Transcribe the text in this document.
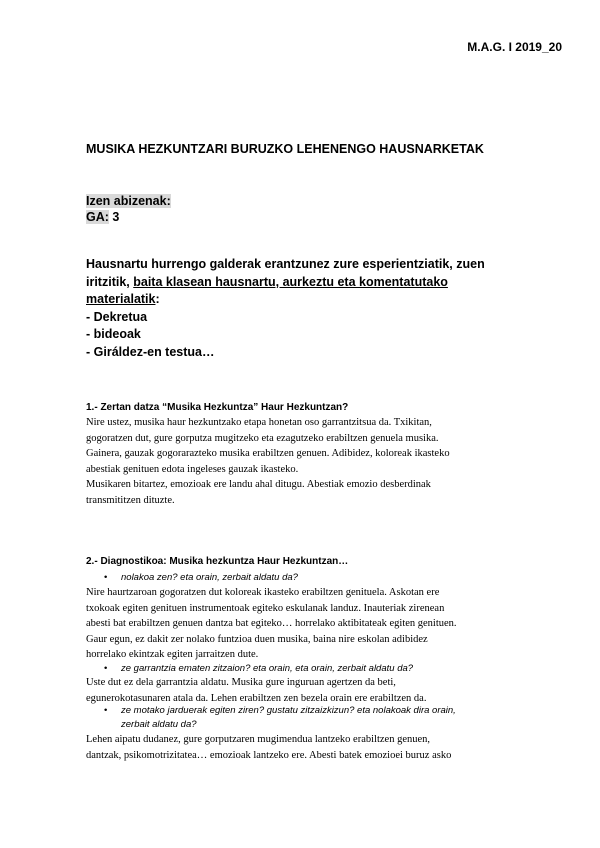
M.A.G. I 2019_20
MUSIKA HEZKUNTZARI BURUZKO LEHENENGO HAUSNARKETAK
Izen abizenak:
GA: 3
Hausnartu hurrengo galderak erantzunez zure esperientziatik, zuen
iritzitik, baita klasean hausnartu, aurkeztu eta komentatutako
materialatik:
- Dekretua
- bideoak
- Giráldez-en testua…
1.- Zertan datza “Musika Hezkuntza” Haur Hezkuntzan?
Nire ustez, musika haur hezkuntzako etapa honetan oso garrantzitsua da. Txikitan,
gogoratzen dut, gure gorputza mugitzeko eta ezagutzeko erabiltzen genuela musika.
Gainera, gauzak gogorarazteko musika erabiltzen genuen. Adibidez, koloreak ikasteko
abestiak genituen edota ingeleses gauzak ikasteko.
Musikaren bitartez, emozioak ere landu ahal ditugu. Abestiak emozio desberdinak
transmititzen dituzte.
2.- Diagnostikoa: Musika hezkuntza Haur Hezkuntzan…
• nolakoa zen? eta orain, zerbait aldatu da?
Nire haurtzaroan gogoratzen dut koloreak ikasteko erabiltzen genituela. Askotan ere
txokoak egiten genituen instrumentoak egiteko eskulanak landuz. Inauteriak zirenean
abesti bat erabiltzen genuen dantza bat egiteko… horrelako aktibitateak egiten genituen.
Gaur egun, ez dakit zer nolako funtzioa duen musika, baina nire eskolan adibidez
horrelako ekintzak egiten jarraitzen dute.
• ze garrantzia ematen zitzaion? eta orain, eta orain, zerbait aldatu da?
Uste dut ez dela garrantzia aldatu. Musika gure inguruan agertzen da beti,
egunerokotasunaren atala da. Lehen erabiltzen zen bezela orain ere erabiltzen da.
• ze motako jarduerak egiten ziren? gustatu zitzaizkizun? eta nolakoak dira orain,
zerbait aldatu da?
Lehen aipatu dudanez, gure gorputzaren mugimendua lantzeko erabiltzen genuen,
dantzak, psikomotrizitatea… emozioak lantzeko ere. Abesti batek emozioei buruz asko
